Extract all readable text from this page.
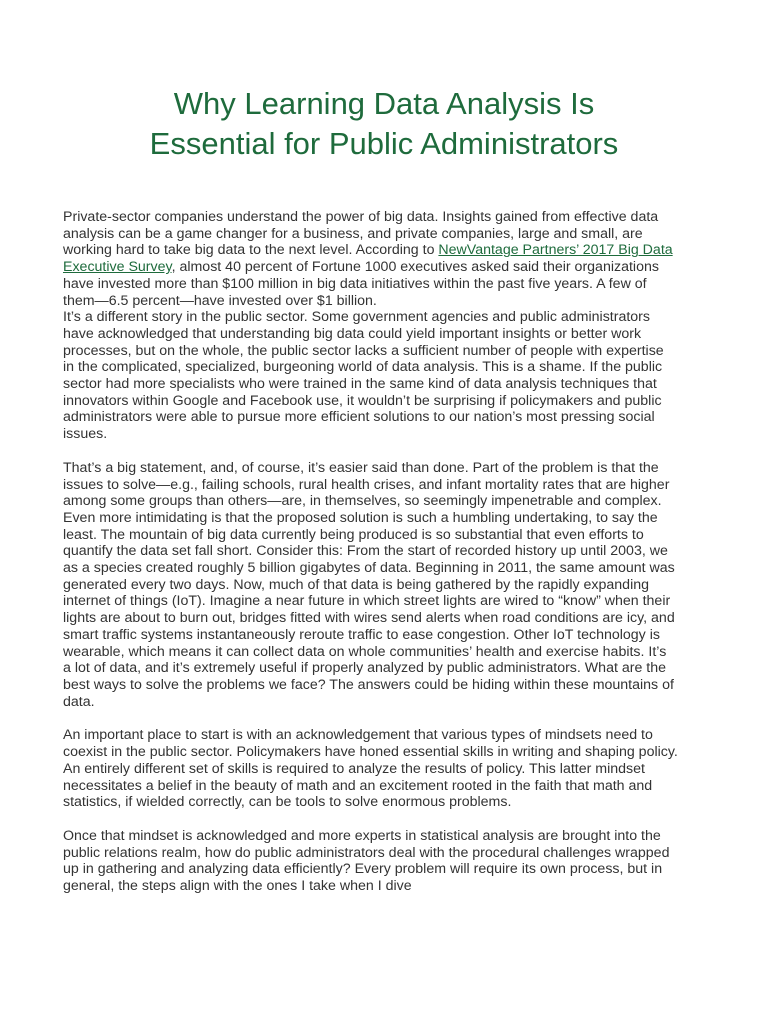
Why Learning Data Analysis Is
Essential for Public Administrators

Private-sector companies understand the power of big data. Insights gained from effective data analysis can be a game changer for a business, and private companies, large and small, are working hard to take big data to the next level. According to NewVantage Partners’ 2017 Big Data Executive Survey, almost 40 percent of Fortune 1000 executives asked said their organizations have invested more than $100 million in big data initiatives within the past five years. A few of them—6.5 percent—have invested over $1 billion.

It’s a different story in the public sector. Some government agencies and public administrators have acknowledged that understanding big data could yield important insights or better work processes, but on the whole, the public sector lacks a sufficient number of people with expertise in the complicated, specialized, burgeoning world of data analysis. This is a shame. If the public sector had more specialists who were trained in the same kind of data analysis techniques that innovators within Google and Facebook use, it wouldn’t be surprising if policymakers and public administrators were able to pursue more efficient solutions to our nation’s most pressing social issues.

That’s a big statement, and, of course, it’s easier said than done. Part of the problem is that the issues to solve—e.g., failing schools, rural health crises, and infant mortality rates that are higher among some groups than others—are, in themselves, so seemingly impenetrable and complex. Even more intimidating is that the proposed solution is such a humbling undertaking, to say the least. The mountain of big data currently being produced is so substantial that even efforts to quantify the data set fall short. Consider this: From the start of recorded history up until 2003, we as a species created roughly 5 billion gigabytes of data. Beginning in 2011, the same amount was generated every two days. Now, much of that data is being gathered by the rapidly expanding internet of things (IoT). Imagine a near future in which street lights are wired to “know” when their lights are about to burn out, bridges fitted with wires send alerts when road conditions are icy, and smart traffic systems instantaneously reroute traffic to ease congestion. Other IoT technology is wearable, which means it can collect data on whole communities’ health and exercise habits. It’s a lot of data, and it’s extremely useful if properly analyzed by public administrators. What are the best ways to solve the problems we face? The answers could be hiding within these mountains of data.

An important place to start is with an acknowledgement that various types of mindsets need to coexist in the public sector. Policymakers have honed essential skills in writing and shaping policy. An entirely different set of skills is required to analyze the results of policy. This latter mindset necessitates a belief in the beauty of math and an excitement rooted in the faith that math and statistics, if wielded correctly, can be tools to solve enormous problems.

Once that mindset is acknowledged and more experts in statistical analysis are brought into the public relations realm, how do public administrators deal with the procedural challenges wrapped up in gathering and analyzing data efficiently? Every problem will require its own process, but in general, the steps align with the ones I take when I dive
